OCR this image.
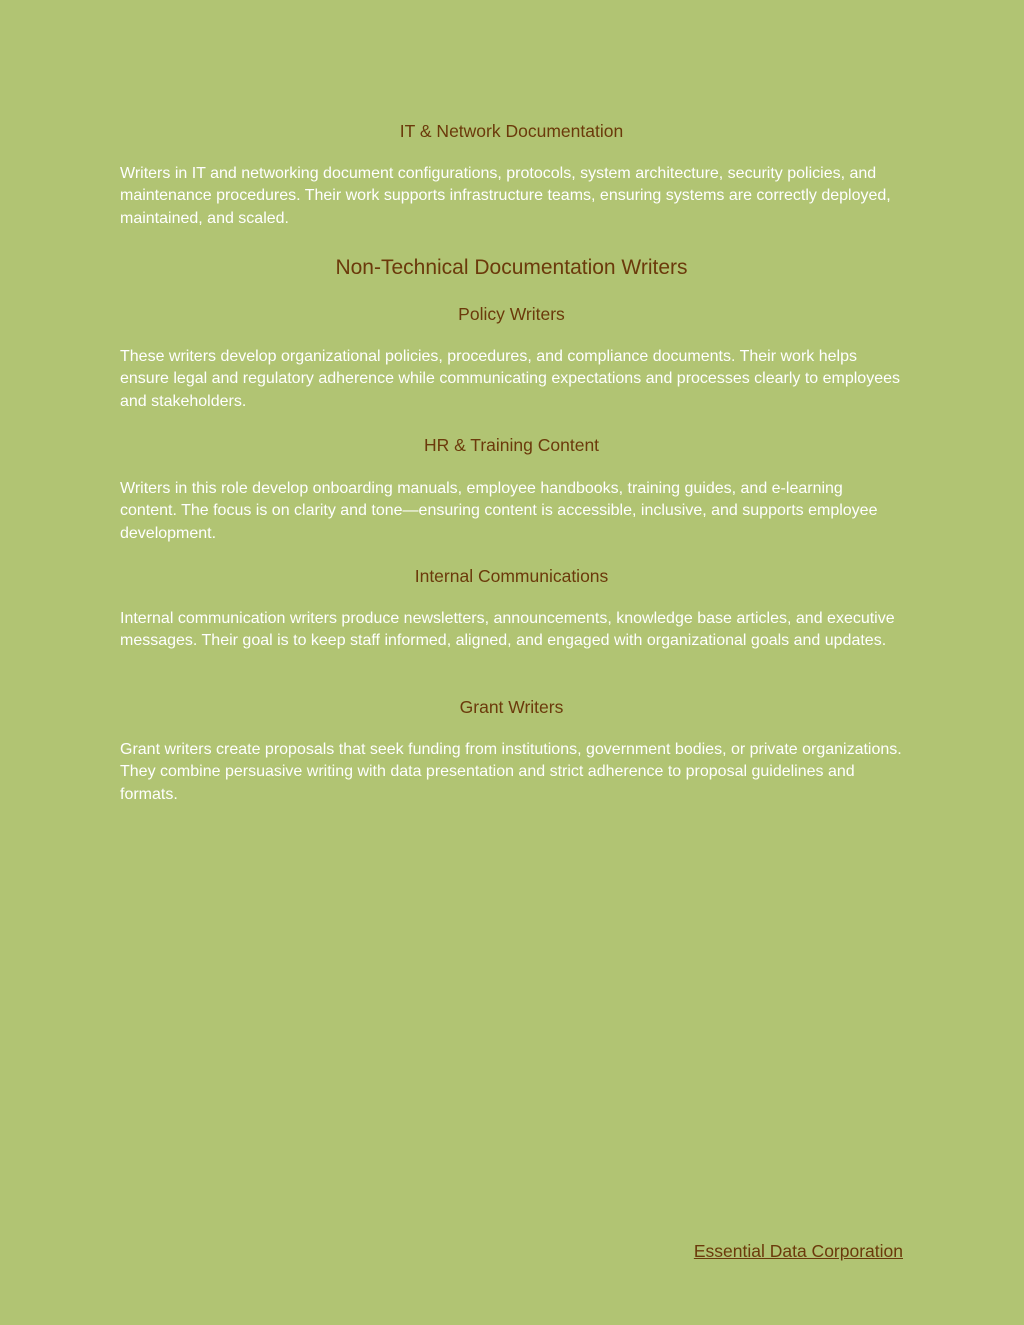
IT & Network Documentation

Writers in IT and networking document configurations, protocols, system architecture, security policies, and maintenance procedures. Their work supports infrastructure teams, ensuring systems are correctly deployed, maintained, and scaled.

Non-Technical Documentation Writers
Policy Writers

These writers develop organizational policies, procedures, and compliance documents. Their work helps ensure legal and regulatory adherence while communicating expectations and processes clearly to employees and stakeholders.

HR & Training Content

Writers in this role develop onboarding manuals, employee handbooks, training guides, and e-learning content. The focus is on clarity and tone—ensuring content is accessible, inclusive, and supports employee development.

Internal Communications

Internal communication writers produce newsletters, announcements, knowledge base articles, and executive messages. Their goal is to keep staff informed, aligned, and engaged with organizational goals and updates.

Grant Writers

Grant writers create proposals that seek funding from institutions, government bodies, or private organizations. They combine persuasive writing with data presentation and strict adherence to proposal guidelines and formats.

Essential Data Corporation
